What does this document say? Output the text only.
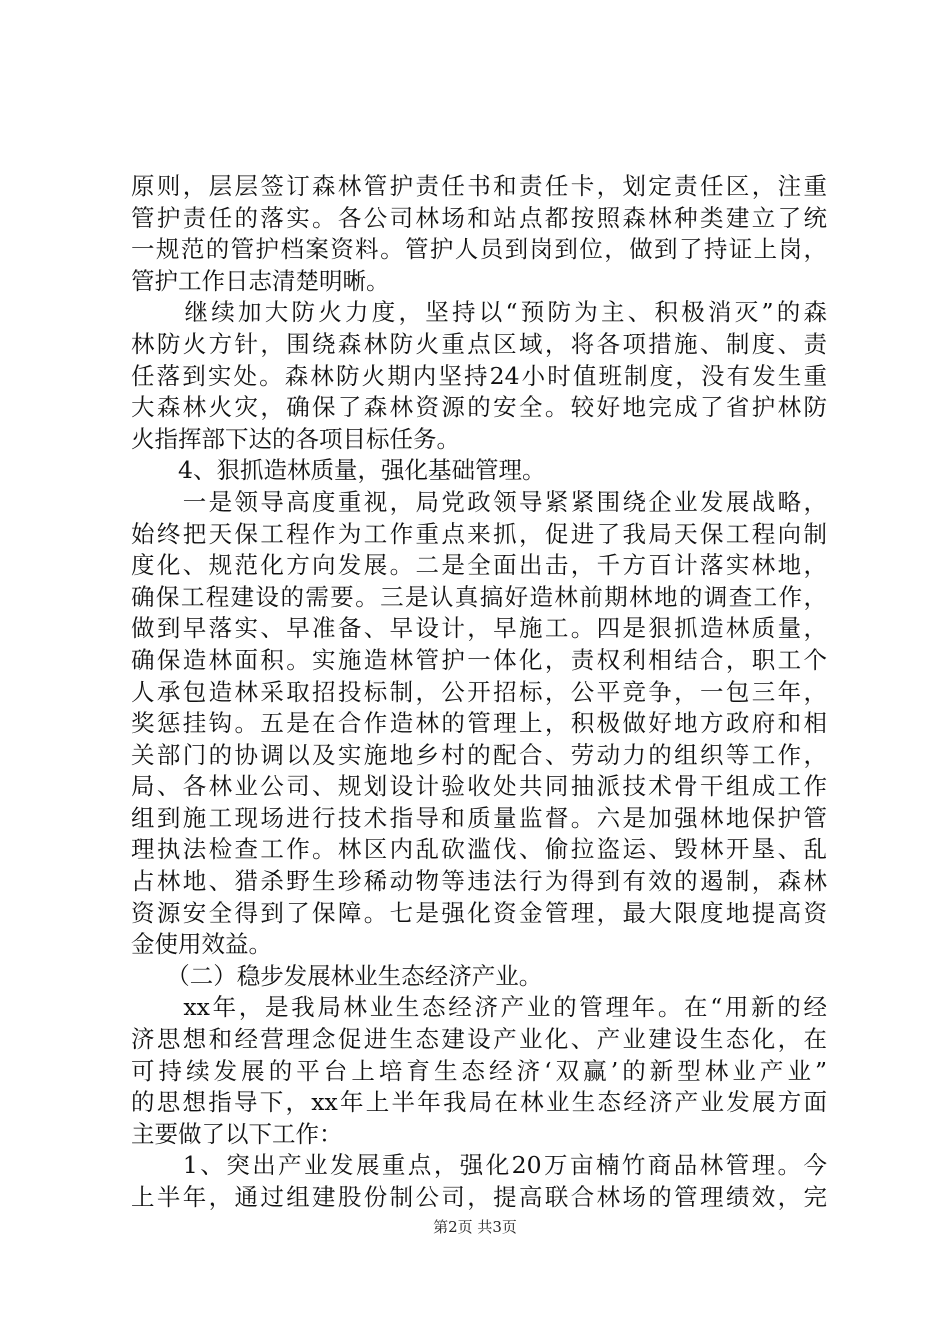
原则，层层签订森林管护责任书和责任卡，划定责任区，注重
管护责任的落实。各公司林场和站点都按照森林种类建立了统
一规范的管护档案资料。管护人员到岗到位，做到了持证上岗，
管护工作日志清楚明晰。
　　继续加大防火力度，坚持以“预防为主、积极消灭”的森
林防火方针，围绕森林防火重点区域，将各项措施、制度、责
任落到实处。森林防火期内坚持24小时值班制度，没有发生重
大森林火灾，确保了森林资源的安全。较好地完成了省护林防
火指挥部下达的各项目标任务。
　　4、狠抓造林质量，强化基础管理。
　　一是领导高度重视，局党政领导紧紧围绕企业发展战略，
始终把天保工程作为工作重点来抓，促进了我局天保工程向制
度化、规范化方向发展。二是全面出击，千方百计落实林地，
确保工程建设的需要。三是认真搞好造林前期林地的调查工作，
做到早落实、早准备、早设计，早施工。四是狠抓造林质量，
确保造林面积。实施造林管护一体化，责权利相结合，职工个
人承包造林采取招投标制，公开招标，公平竞争，一包三年，
奖惩挂钩。五是在合作造林的管理上，积极做好地方政府和相
关部门的协调以及实施地乡村的配合、劳动力的组织等工作，
局、各林业公司、规划设计验收处共同抽派技术骨干组成工作
组到施工现场进行技术指导和质量监督。六是加强林地保护管
理执法检查工作。林区内乱砍滥伐、偷拉盗运、毁林开垦、乱
占林地、猎杀野生珍稀动物等违法行为得到有效的遏制，森林
资源安全得到了保障。七是强化资金管理，最大限度地提高资
金使用效益。
　　（二）稳步发展林业生态经济产业。
　　xx年，是我局林业生态经济产业的管理年。在“用新的经
济思想和经营理念促进生态建设产业化、产业建设生态化，在
可持续发展的平台上培育生态经济‘双赢’的新型林业产业”
的思想指导下，xx年上半年我局在林业生态经济产业发展方面
主要做了以下工作：
　　1、突出产业发展重点，强化20万亩楠竹商品林管理。今
上半年，通过组建股份制公司，提高联合林场的管理绩效，完
第2页 共3页
